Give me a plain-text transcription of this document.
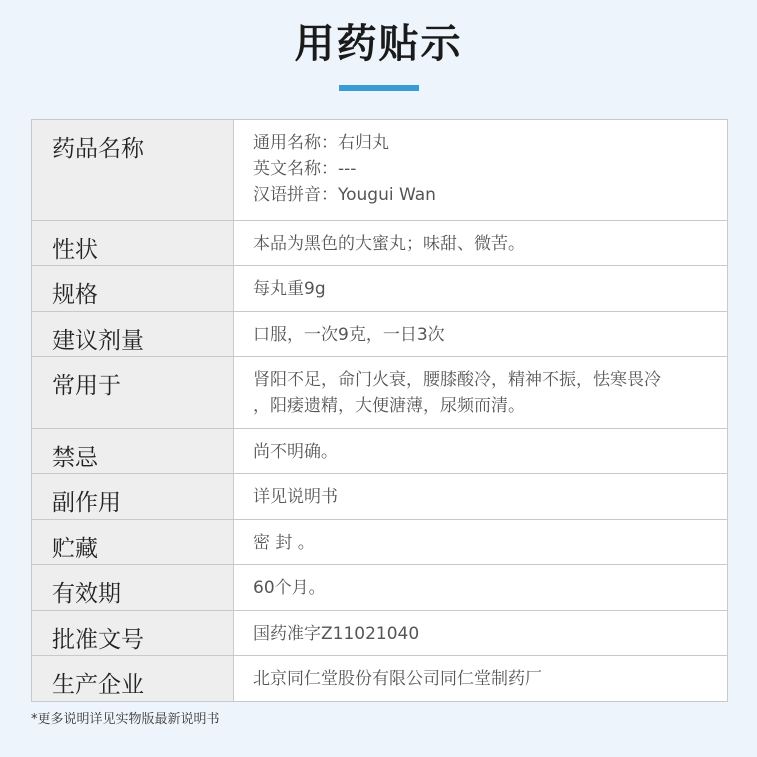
用药贴示
药品名称	通用名称：右归丸
英文名称：---
汉语拼音：Yougui Wan

性状	本品为黑色的大蜜丸；味甜、微苦。

规格	每丸重9g

建议剂量	口服，一次9克，一日3次

常用于	肾阳不足，命门火衰，腰膝酸冷，精神不振，怯寒畏冷
，阳痿遗精，大便溏薄，尿频而清。

禁忌	尚不明确。

副作用	详见说明书

贮藏	密 封 。

有效期	60个月。

批准文号	国药准字Z11021040

生产企业	北京同仁堂股份有限公司同仁堂制药厂
*更多说明详见实物版最新说明书
